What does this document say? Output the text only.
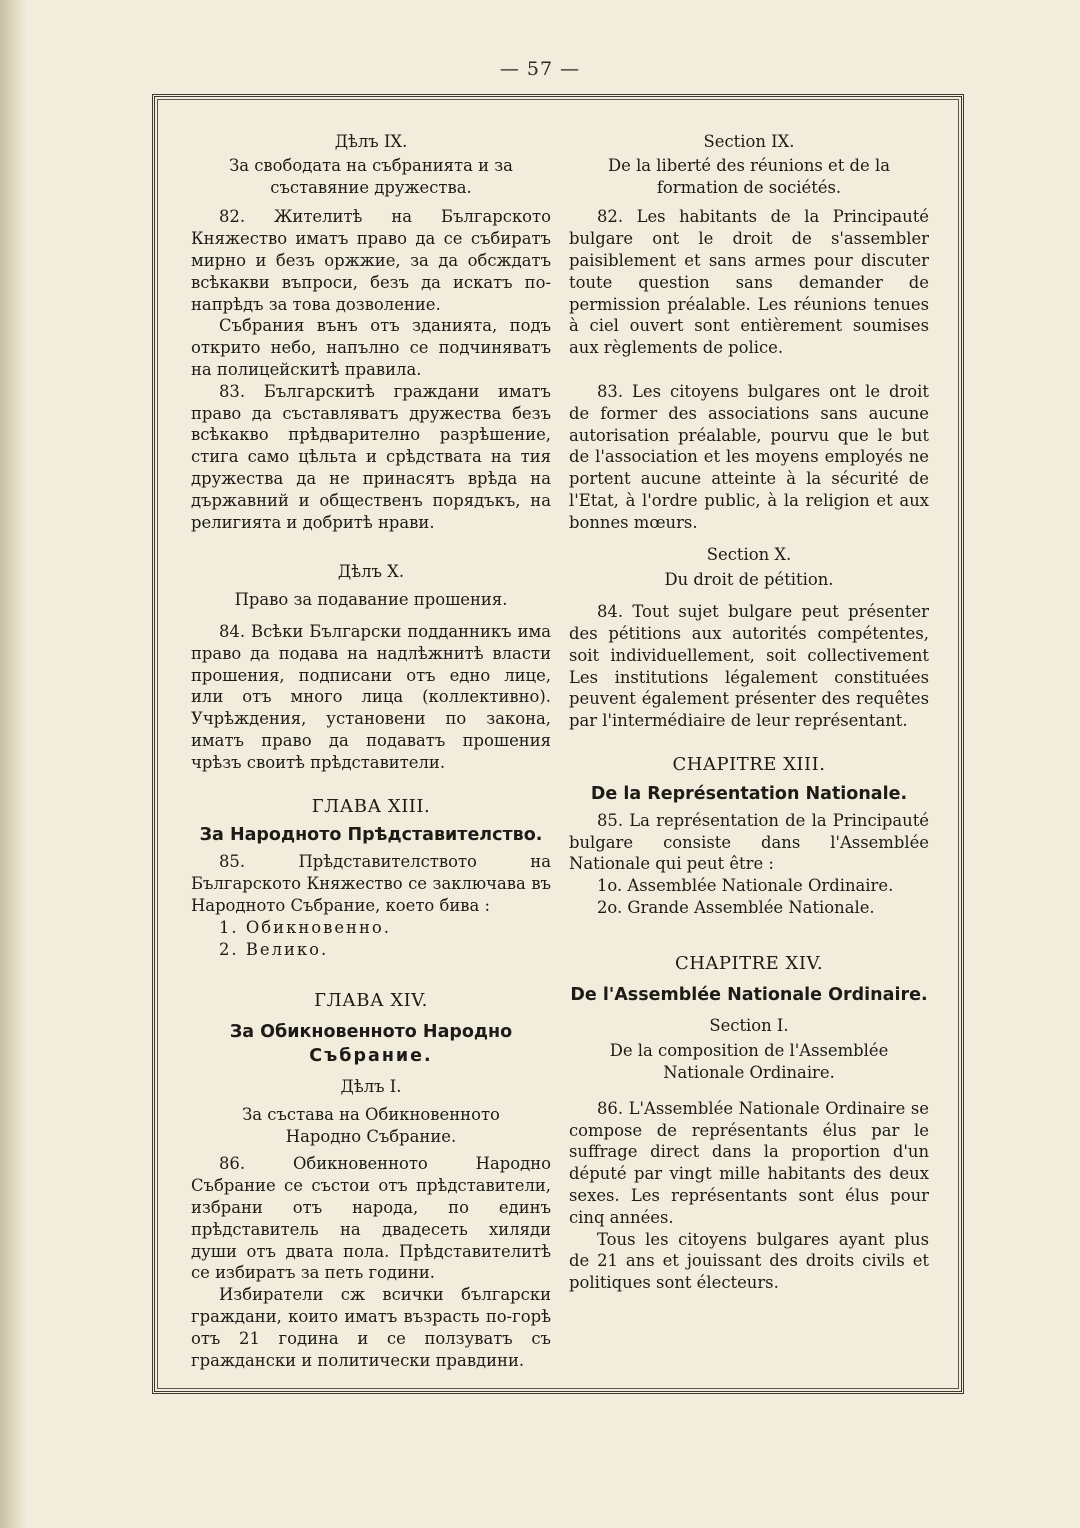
— 57 —
Дѣлъ IX.
За свободата на събранията и за съставяние дружества.

82. Жителитѣ на Българското Княжество иматъ право да се събиратъ мирно и безъ оржжие, за да обсждатъ всѣкакви въпроси, безъ да искатъ по-напрѣдъ за това дозволение.

Събрания вънъ отъ зданията, подъ открито небо, напълно се подчиняватъ на полицейскитѣ правила.

83. Българскитѣ граждани иматъ право да съставляватъ дружества безъ всѣкакво прѣдварително разрѣшение, стига само цѣльта и срѣдствата на тия дружества да не принасятъ врѣда на държавний и общественъ порядъкъ, на религията и добритѣ нрави.

Дѣлъ X.
Право за подавание прошения.

84. Всѣки Български подданникъ има право да подава на надлѣжнитѣ власти прошения, подписани отъ едно лице, или отъ много лица (коллективно). Учрѣждения, установени по закона, иматъ право да подаватъ прошения чрѣзъ своитѣ прѣдставители.

ГЛАВА XIII.
За Народното Прѣдставителство.

85. Прѣдставителството на Българското Княжество се заключава въ Народното Събрание, което бива :

1. Обикновенно.
2. Велико.
ГЛАВА XIV.
За Обикновенното Народно
Събрание.
Дѣлъ I.
За състава на Обикновенното Народно Събрание.

86. Обикновенното Народно Събрание се състои отъ прѣдставители, избрани отъ народа, по единъ прѣдставитель на двадесеть хиляди души отъ двата пола. Прѣдставителитѣ се избиратъ за петь години.

Избиратели сж всички български граждани, които иматъ възрасть по-горѣ отъ 21 година и се ползуватъ съ граждански и политически правдини.

Section IX.
De la liberté des réunions et de la formation de sociétés.

82. Les habitants de la Principauté bulgare ont le droit de s'assembler paisiblement et sans armes pour discuter toute question sans demander de permission préalable. Les réunions tenues à ciel ouvert sont entièrement soumises aux règlements de police.

83. Les citoyens bulgares ont le droit de former des associations sans aucune autorisation préalable, pourvu que le but de l'association et les moyens employés ne portent aucune atteinte à la sécurité de l'Etat, à l'ordre public, à la religion et aux bonnes mœurs.

Section X.
Du droit de pétition.

84. Tout sujet bulgare peut présenter des pétitions aux autorités compétentes, soit individuellement, soit collectivement Les institutions légalement constituées peuvent également présenter des requêtes par l'intermédiaire de leur représentant.

CHAPITRE XIII.
De la Représentation Nationale.

85. La représentation de la Principauté bulgare consiste dans l'Assemblée Nationale qui peut être :

1o. Assemblée Nationale Ordinaire.
2o. Grande Assemblée Nationale.
CHAPITRE XIV.
De l'Assemblée Nationale Ordinaire.
Section I.
De la composition de l'Assemblée Nationale Ordinaire.

86. L'Assemblée Nationale Ordinaire se compose de représentants élus par le suffrage direct dans la proportion d'un député par vingt mille habitants des deux sexes. Les représentants sont élus pour cinq années.

Tous les citoyens bulgares ayant plus de 21 ans et jouissant des droits civils et politiques sont électeurs.
